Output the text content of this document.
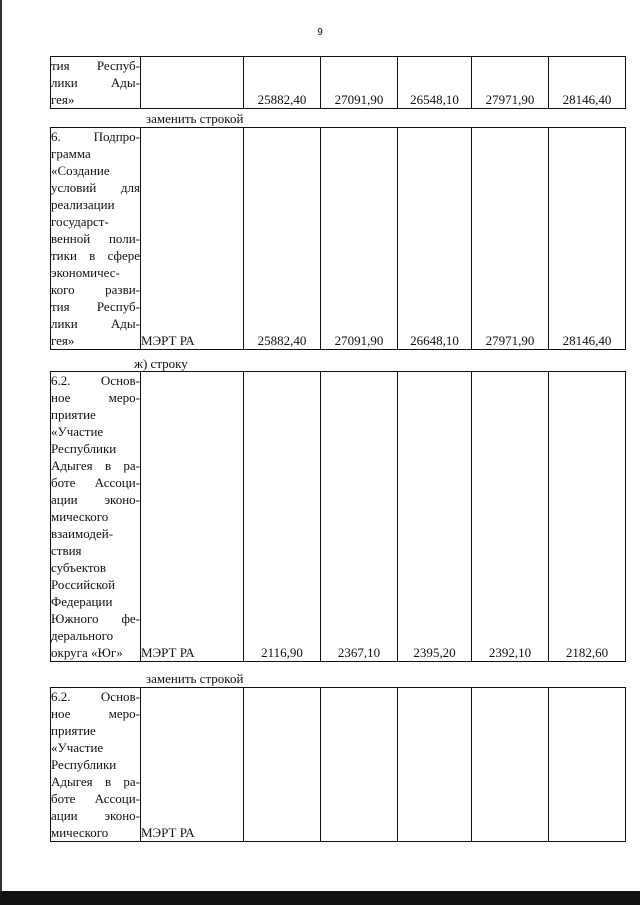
9
тия Респуб-
лики Ады-
гея»		25882,40	27091,90	26548,10	27971,90	28146,40
заменить строкой
6. Подпро-
грамма
«Создание
условий для
реализации
государст-
венной поли-
тики в сфере
экономичес-
кого разви-
тия Респуб-
лики Ады-
гея»	МЭРТ РА	25882,40	27091,90	26648,10	27971,90	28146,40
ж) строку
6.2. Основ-
ное меро-
приятие
«Участие
Республики
Адыгея в ра-
боте Ассоци-
ации эконо-
мического
взаимодей-
ствия
субъектов
Российской
Федерации
Южного фе-
дерального
округа «Юг»	МЭРТ РА	2116,90	2367,10	2395,20	2392,10	2182,60
заменить строкой
6.2. Основ-
ное меро-
приятие
«Участие
Республики
Адыгея в ра-
боте Ассоци-
ации эконо-
мического	МЭРТ РА					
